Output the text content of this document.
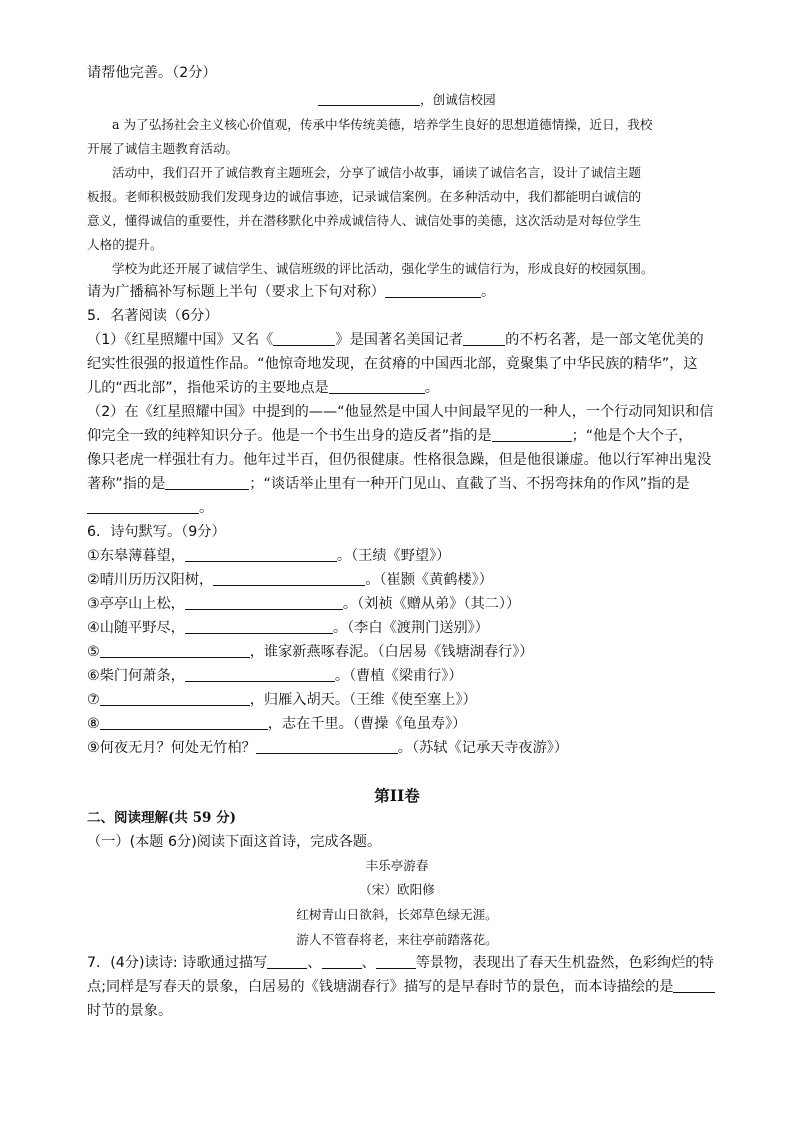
请帮他完善。（2分）
，创诚信校园
a 为了弘扬社会主义核心价值观，传承中华传统美德，培养学生良好的思想道德情操，近日，我校
开展了诚信主题教育活动。
活动中，我们召开了诚信教育主题班会，分享了诚信小故事，诵读了诚信名言，设计了诚信主题
板报。老师积极鼓励我们发现身边的诚信事迹，记录诚信案例。在多种活动中，我们都能明白诚信的
意义，懂得诚信的重要性，并在潜移默化中养成诚信待人、诚信处事的美德，这次活动是对每位学生
人格的提升。
学校为此还开展了诚信学生、诚信班级的评比活动，强化学生的诚信行为，形成良好的校园氛围。
请为广播稿补写标题上半句（要求上下句对称）	。
5．名著阅读（6分）
（1）《红星照耀中国》又名《	》是国著名美国记者	的不朽名著，是一部文笔优美的
纪实性很强的报道性作品。“他惊奇地发现，在贫瘠的中国西北部，竟聚集了中华民族的精华”，这
儿的“西北部”，指他采访的主要地点是	。
（2）在《红星照耀中国》中提到的——“他显然是中国人中间最罕见的一种人，一个行动同知识和信
仰完全一致的纯粹知识分子。他是一个书生出身的造反者”指的是	；“他是个大个子，
像只老虎一样强壮有力。他年过半百，但仍很健康。性格很急躁，但是他很谦虚。他以行军神出鬼没
著称”指的是	；“谈话举止里有一种开门见山、直截了当、不拐弯抹角的作风”指的是
。
6．诗句默写。（9分）
①东皋薄暮望，	。（王绩《野望》）
②晴川历历汉阳树，	。（崔颢《黄鹤楼》）
③亭亭山上松，	。（刘祯《赠从弟》（其二））
④山随平野尽，	。（李白《渡荆门送别》）
⑤	，谁家新燕啄春泥。（白居易《钱塘湖春行》）
⑥柴门何萧条，	。（曹植《梁甫行》）
⑦	，归雁入胡天。（王维《使至塞上》）
⑧	，志在千里。（曹操《龟虽寿》）
⑨何夜无月？何处无竹柏？	。（苏轼《记承天寺夜游》）
第II卷
二、阅读理解(共 59 分)
（一）(本题 6分)阅读下面这首诗，完成各题。
丰乐亭游春
（宋）欧阳修
红树青山日欲斜，长郊草色绿无涯。
游人不管春将老，来往亭前踏落花。
7．(4分)读诗: 诗歌通过描写	、	、	等景物，表现出了春天生机盎然，色彩绚烂的特
点;同样是写春天的景象，白居易的《钱塘湖春行》描写的是早春时节的景色，而本诗描绘的是
时节的景象。
